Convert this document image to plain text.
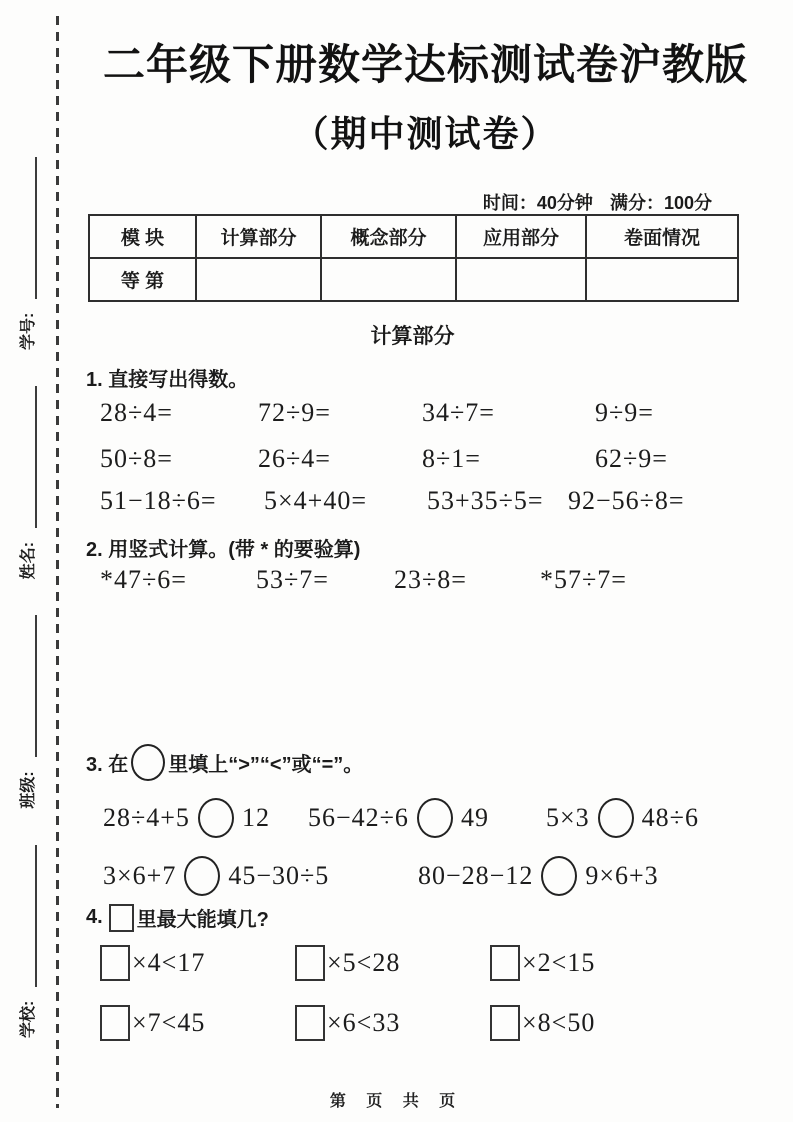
学校:
班级:
姓名:
学号:
二年级下册数学达标测试卷沪教版
（期中测试卷）
时间：40分钟 满分：100分
模 块	计算部分	概念部分	应用部分	卷面情况
等 第				
计算部分
1. 直接写出得数。
28÷4=	72÷9=	34÷7=	9÷9=
50÷8=	26÷4=	8÷1=	62÷9=
51−18÷6=	5×4+40=	53+35÷5= 92−56÷8=
2. 用竖式计算。(带 * 的要验算)
*47÷6=	53÷7=	23÷8=	*57÷7=
3. 在 里填上“>”“<”或“=”。
28÷4+5 12 56−42÷6 49 5×3 48÷6
3×6+7 45−30÷5	80−28−12 9×6+3
4. 里最大能填几?
×4<17	×5<28	×2<15
×7<45	×6<33	×8<50
第 页 共 页
